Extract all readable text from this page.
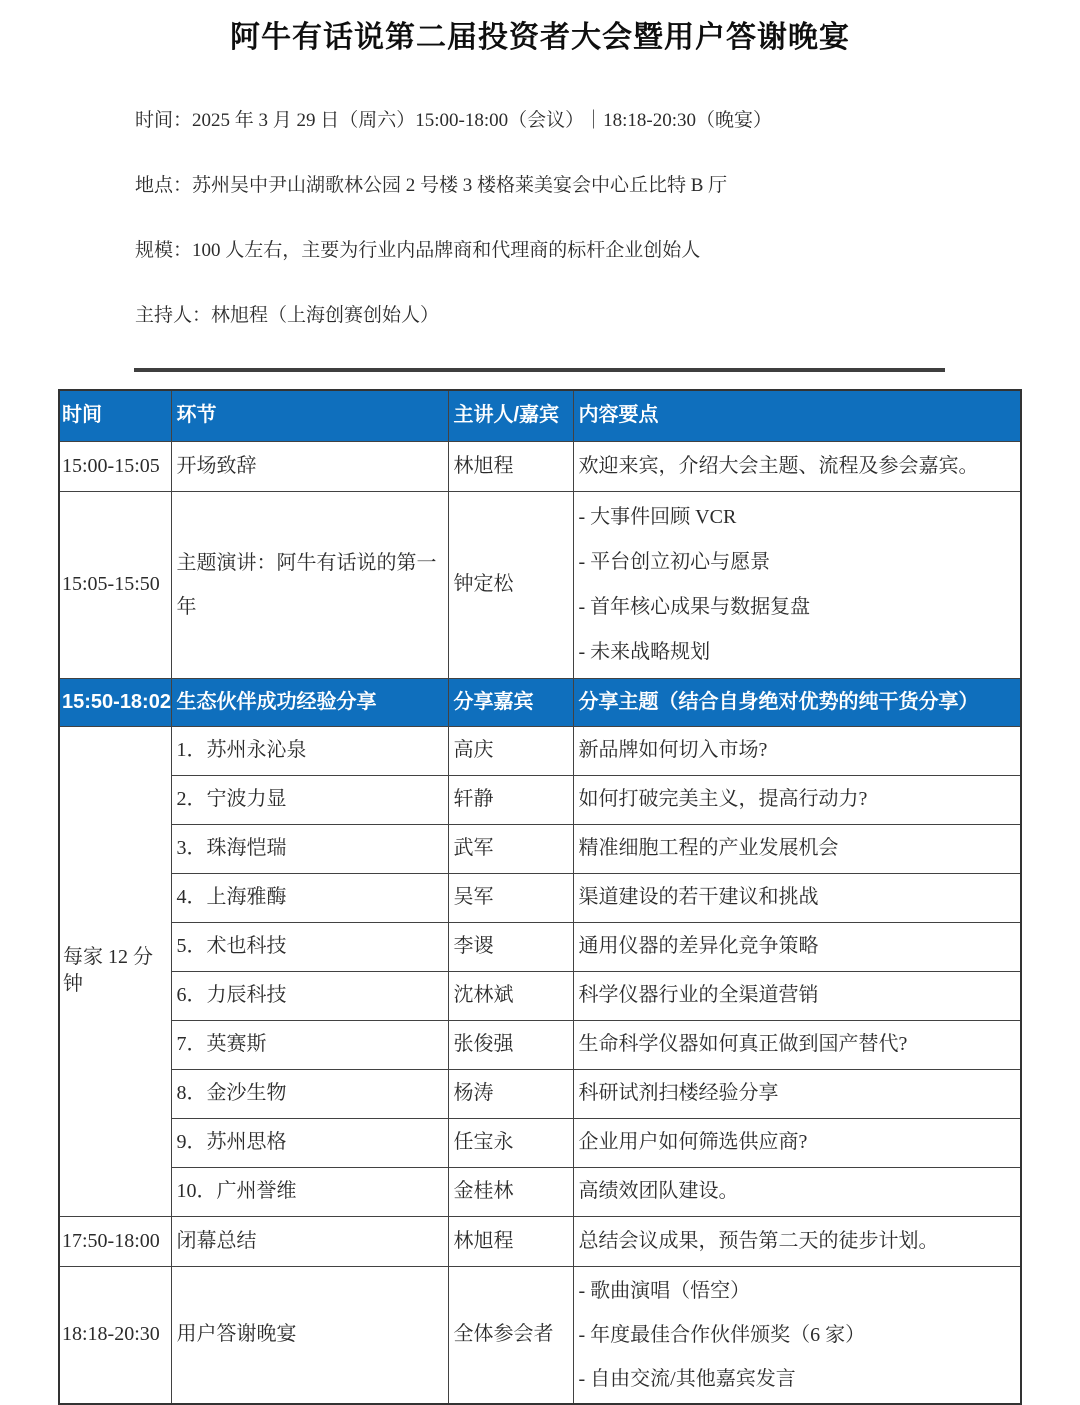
阿牛有话说第二届投资者大会暨用户答谢晚宴
时间：2025 年 3 月 29 日（周六）15:00-18:00（会议）｜18:18-20:30（晚宴）
地点：苏州吴中尹山湖歌林公园 2 号楼 3 楼格莱美宴会中心丘比特 B 厅
规模：100 人左右，主要为行业内品牌商和代理商的标杆企业创始人
主持人：林旭程（上海创赛创始人）
时间	环节	主讲人/嘉宾	内容要点
15:00-15:05	开场致辞	林旭程	欢迎来宾，介绍大会主题、流程及参会嘉宾。
15:05-15:50	主题演讲：阿牛有话说的第一年	钟定松	- 大事件回顾 VCR
- 平台创立初心与愿景
- 首年核心成果与数据复盘
- 未来战略规划

15:50-18:02	生态伙伴成功经验分享	分享嘉宾	分享主题（结合自身绝对优势的纯干货分享）
每家 12 分钟	1．苏州永沁泉	高庆	新品牌如何切入市场?
	2．宁波力显	轩静	如何打破完美主义，提高行动力?
	3．珠海恺瑞	武军	精准细胞工程的产业发展机会
	4．上海雅酶	吴军	渠道建设的若干建议和挑战
	5．术也科技	李谡	通用仪器的差异化竞争策略
	6．力辰科技	沈林斌	科学仪器行业的全渠道营销
	7．英赛斯	张俊强	生命科学仪器如何真正做到国产替代?
	8．金沙生物	杨涛	科研试剂扫楼经验分享
	9．苏州思格	任宝永	企业用户如何筛选供应商?
	10．广州誉维	金桂林	高绩效团队建设。
17:50-18:00	闭幕总结	林旭程	总结会议成果，预告第二天的徒步计划。
18:18-20:30	用户答谢晚宴	全体参会者	- 歌曲演唱（悟空）
- 年度最佳合作伙伴颁奖（6 家）
- 自由交流/其他嘉宾发言
